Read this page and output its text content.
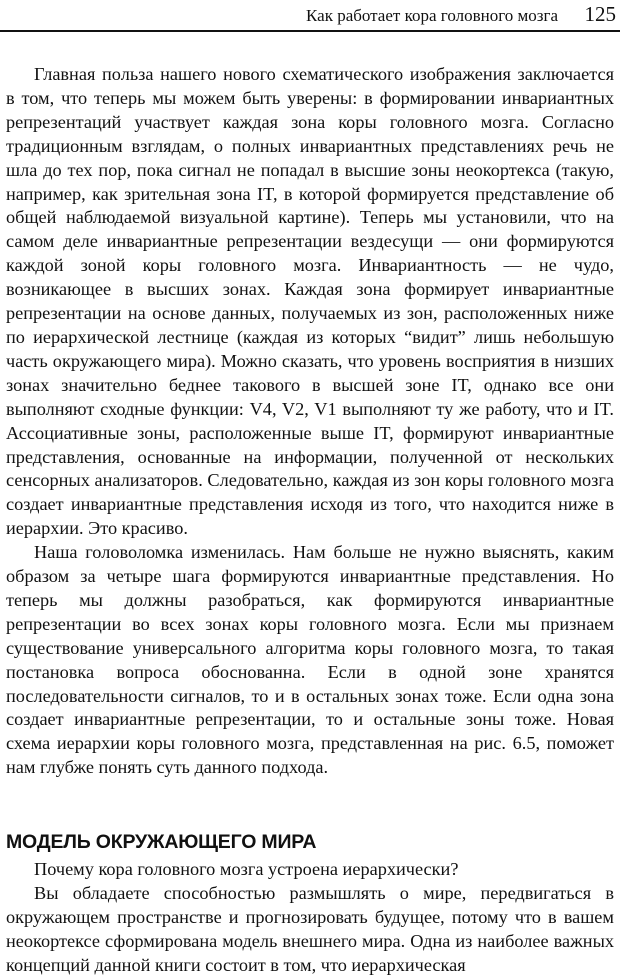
Как работает кора головного мозга 125

Главная польза нашего нового схематического изображения заключается в том, что теперь мы можем быть уверены: в формировании инвариантных репрезентаций участвует каждая зона коры головного мозга. Согласно традиционным взглядам, о полных инвариантных представлениях речь не шла до тех пор, пока сигнал не попадал в высшие зоны неокортекса (такую, например, как зрительная зона IT, в которой формируется представление об общей наблюдаемой визуальной картине). Теперь мы установили, что на самом деле инвариантные репрезентации вездесущи — они формируются каждой зоной коры головного мозга. Инвариантность — не чудо, возникающее в высших зонах. Каждая зона формирует инвариантные репрезентации на основе данных, получаемых из зон, расположенных ниже по иерархической лестнице (каждая из которых “видит” лишь небольшую часть окружающего мира). Можно сказать, что уровень восприятия в низших зонах значительно беднее такового в высшей зоне IT, однако все они выполняют сходные функции: V4, V2, V1 выполняют ту же работу, что и IT. Ассоциативные зоны, расположенные выше IT, формируют инвариантные представления, основанные на информации, полученной от нескольких сенсорных анализаторов. Следовательно, каждая из зон коры головного мозга создает инвариантные представления исходя из того, что находится ниже в иерархии. Это красиво.

Наша головоломка изменилась. Нам больше не нужно выяснять, каким образом за четыре шага формируются инвариантные представления. Но теперь мы должны разобраться, как формируются инвариантные репрезентации во всех зонах коры головного мозга. Если мы признаем существование универсального алгоритма коры головного мозга, то такая постановка вопроса обоснованна. Если в одной зоне хранятся последовательности сигналов, то и в остальных зонах тоже. Если одна зона создает инвариантные репрезентации, то и остальные зоны тоже. Новая схема иерархии коры головного мозга, представленная на рис. 6.5, поможет нам глубже понять суть данного подхода.

МОДЕЛЬ ОКРУЖАЮЩЕГО МИРА

Почему кора головного мозга устроена иерархически?

Вы обладаете способностью размышлять о мире, передвигаться в окружающем пространстве и прогнозировать будущее, потому что в вашем неокортексе сформирована модель внешнего мира. Одна из наиболее важных концепций данной книги состоит в том, что иерархическая
